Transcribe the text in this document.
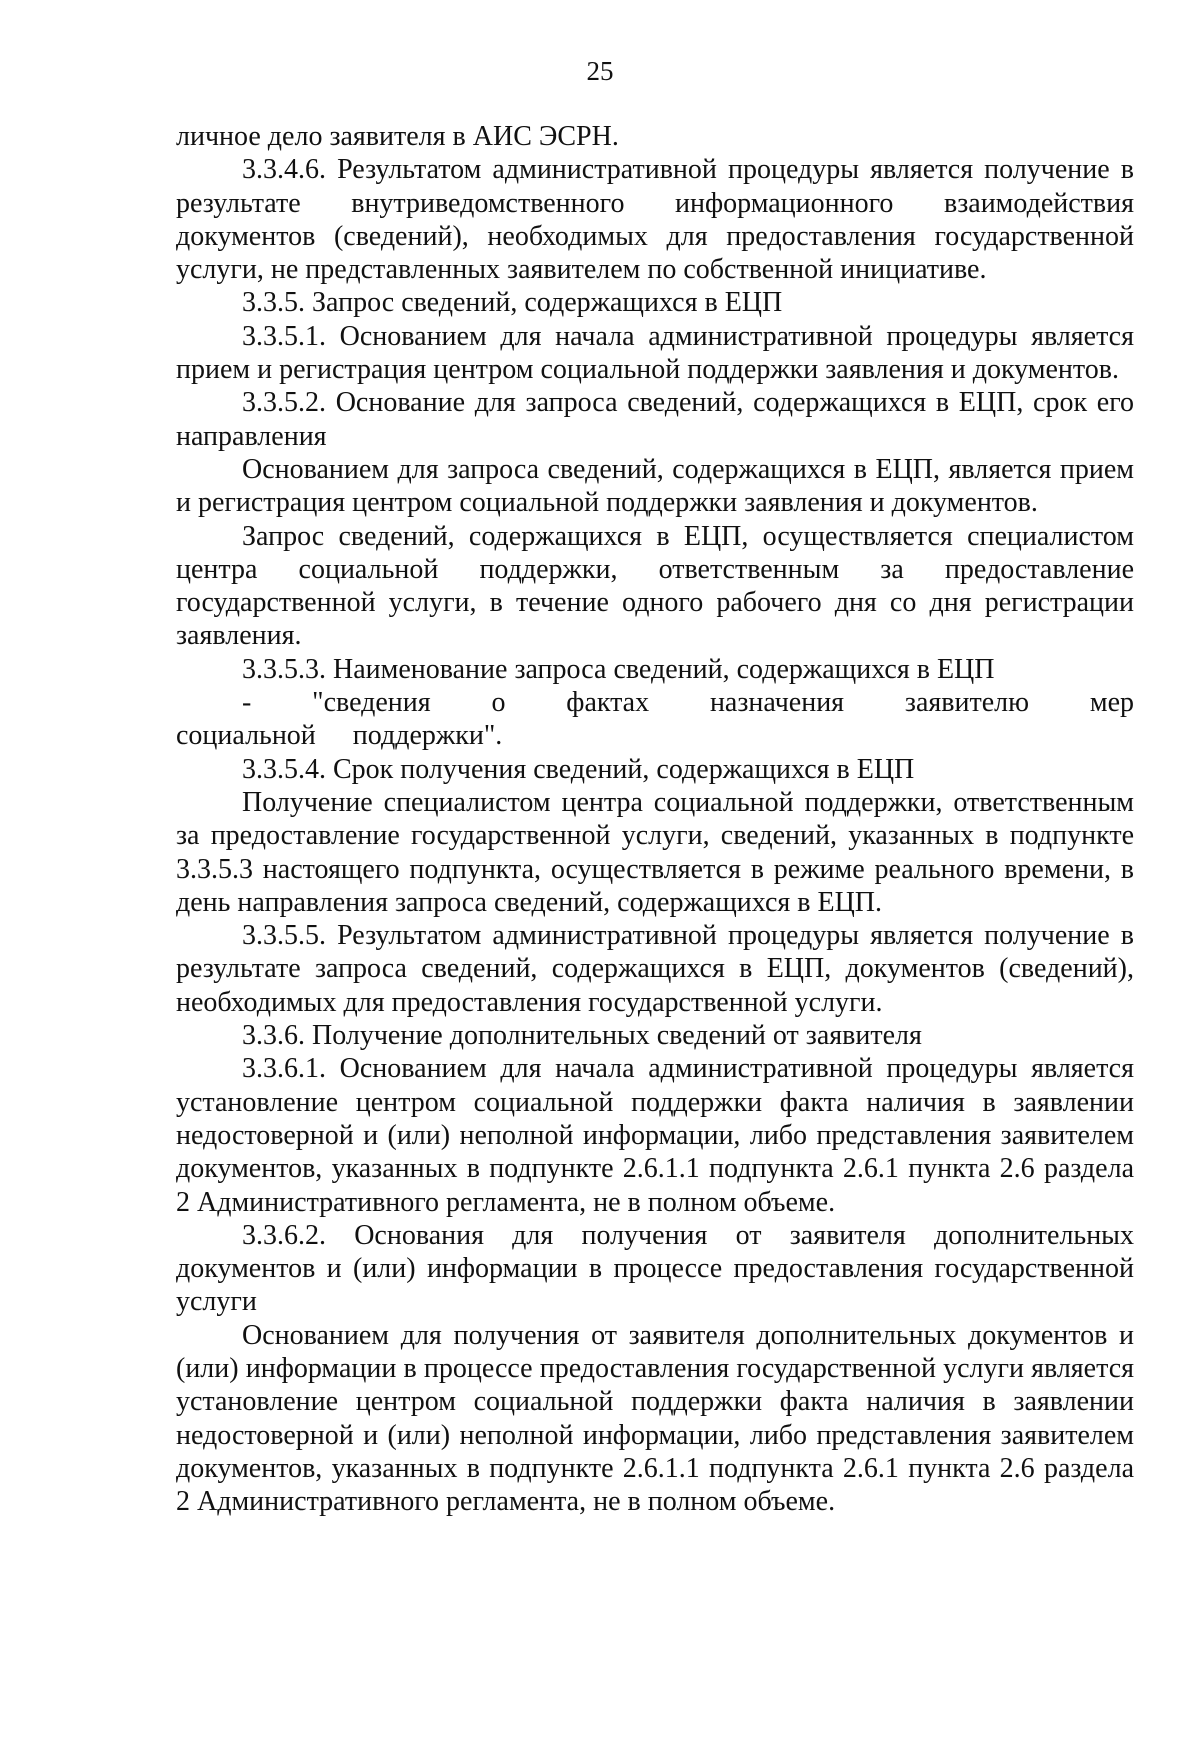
25

личное дело заявителя в АИС ЭСРН.

3.3.4.6. Результатом административной процедуры является получение в результате внутриведомственного информационного взаимодействия документов (сведений), необходимых для предоставления государственной услуги, не представленных заявителем по собственной инициативе.

3.3.5. Запрос сведений, содержащихся в ЕЦП

3.3.5.1. Основанием для начала административной процедуры является прием и регистрация центром социальной поддержки заявления и документов.

3.3.5.2. Основание для запроса сведений, содержащихся в ЕЦП, срок его направления

Основанием для запроса сведений, содержащихся в ЕЦП, является прием и регистрация центром социальной поддержки заявления и документов.

Запрос сведений, содержащихся в ЕЦП, осуществляется специалистом центра социальной поддержки, ответственным за предоставление государственной услуги, в течение одного рабочего дня со дня регистрации заявления.

3.3.5.3. Наименование запроса сведений, содержащихся в ЕЦП

- "сведения о фактах назначения заявителю мер социальной поддержки".

3.3.5.4. Срок получения сведений, содержащихся в ЕЦП

Получение специалистом центра социальной поддержки, ответственным за предоставление государственной услуги, сведений, указанных в подпункте 3.3.5.3 настоящего подпункта, осуществляется в режиме реального времени, в день направления запроса сведений, содержащихся в ЕЦП.

3.3.5.5. Результатом административной процедуры является получение в результате запроса сведений, содержащихся в ЕЦП, документов (сведений), необходимых для предоставления государственной услуги.

3.3.6. Получение дополнительных сведений от заявителя

3.3.6.1. Основанием для начала административной процедуры является установление центром социальной поддержки факта наличия в заявлении недостоверной и (или) неполной информации, либо представления заявителем документов, указанных в подпункте 2.6.1.1 подпункта 2.6.1 пункта 2.6 раздела 2 Административного регламента, не в полном объеме.

3.3.6.2. Основания для получения от заявителя дополнительных документов и (или) информации в процессе предоставления государственной услуги

Основанием для получения от заявителя дополнительных документов и (или) информации в процессе предоставления государственной услуги является установление центром социальной поддержки факта наличия в заявлении недостоверной и (или) неполной информации, либо представления заявителем документов, указанных в подпункте 2.6.1.1 подпункта 2.6.1 пункта 2.6 раздела 2 Административного регламента, не в полном объеме.
